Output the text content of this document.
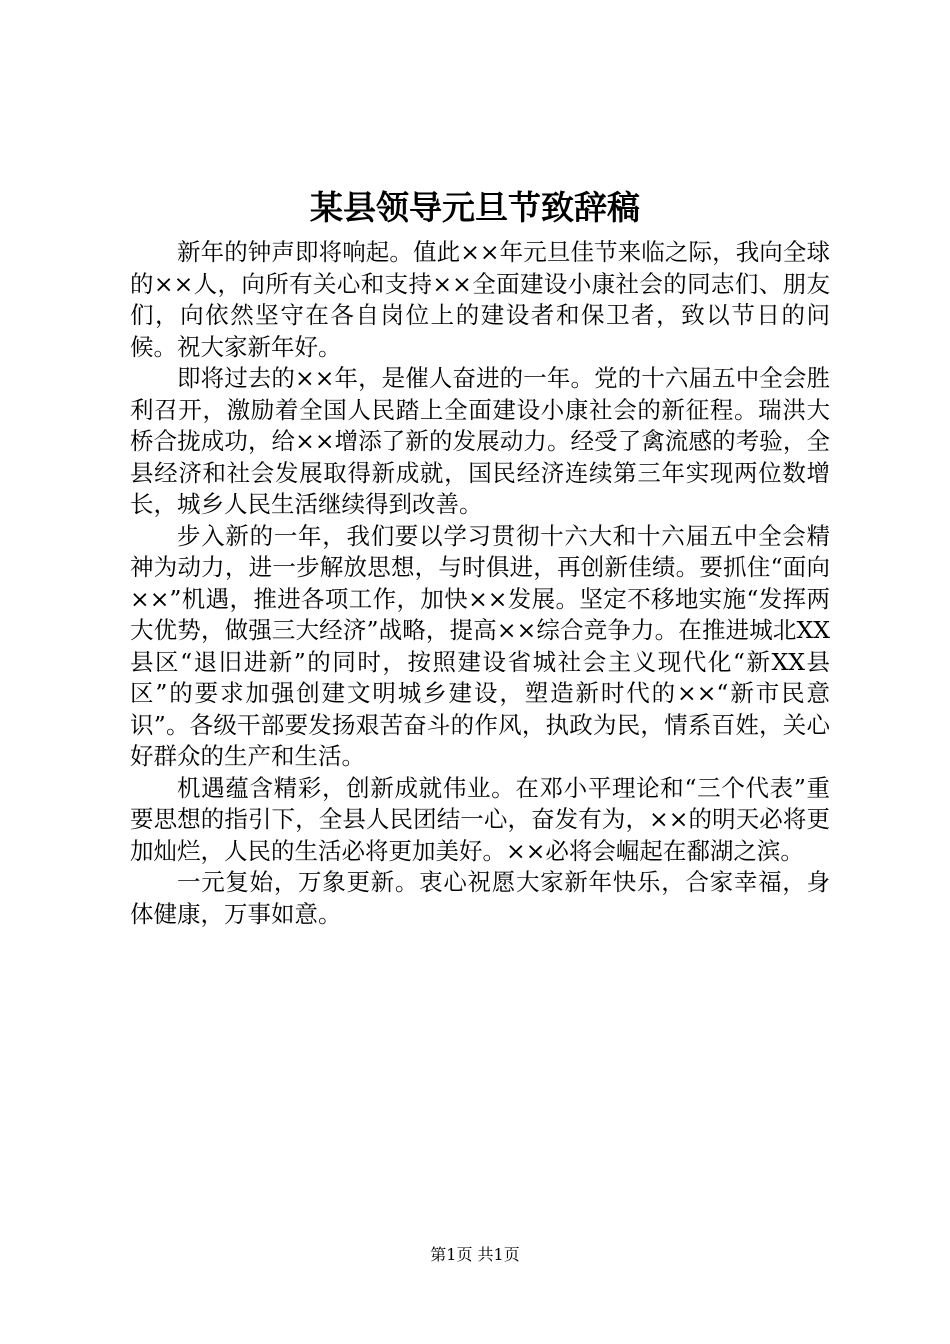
某县领导元旦节致辞稿

新年的钟声即将响起。值此××年元旦佳节来临之际，我向全球的××人，向所有关心和支持××全面建设小康社会的同志们、朋友们，向依然坚守在各自岗位上的建设者和保卫者，致以节日的问候。祝大家新年好。

即将过去的××年，是催人奋进的一年。党的十六届五中全会胜利召开，激励着全国人民踏上全面建设小康社会的新征程。瑞洪大桥合拢成功，给××增添了新的发展动力。经受了禽流感的考验，全县经济和社会发展取得新成就，国民经济连续第三年实现两位数增长，城乡人民生活继续得到改善。

步入新的一年，我们要以学习贯彻十六大和十六届五中全会精神为动力，进一步解放思想，与时俱进，再创新佳绩。要抓住“面向××”机遇，推进各项工作，加快××发展。坚定不移地实施“发挥两大优势，做强三大经济”战略，提高××综合竞争力。在推进城北XX县区“退旧进新”的同时，按照建设省城社会主义现代化“新XX县区”的要求加强创建文明城乡建设，塑造新时代的××“新市民意识”。各级干部要发扬艰苦奋斗的作风，执政为民，情系百姓，关心好群众的生产和生活。

机遇蕴含精彩，创新成就伟业。在邓小平理论和“三个代表”重要思想的指引下，全县人民团结一心，奋发有为，××的明天必将更加灿烂，人民的生活必将更加美好。××必将会崛起在鄱湖之滨。

一元复始，万象更新。衷心祝愿大家新年快乐，合家幸福，身体健康，万事如意。

第1页 共1页
